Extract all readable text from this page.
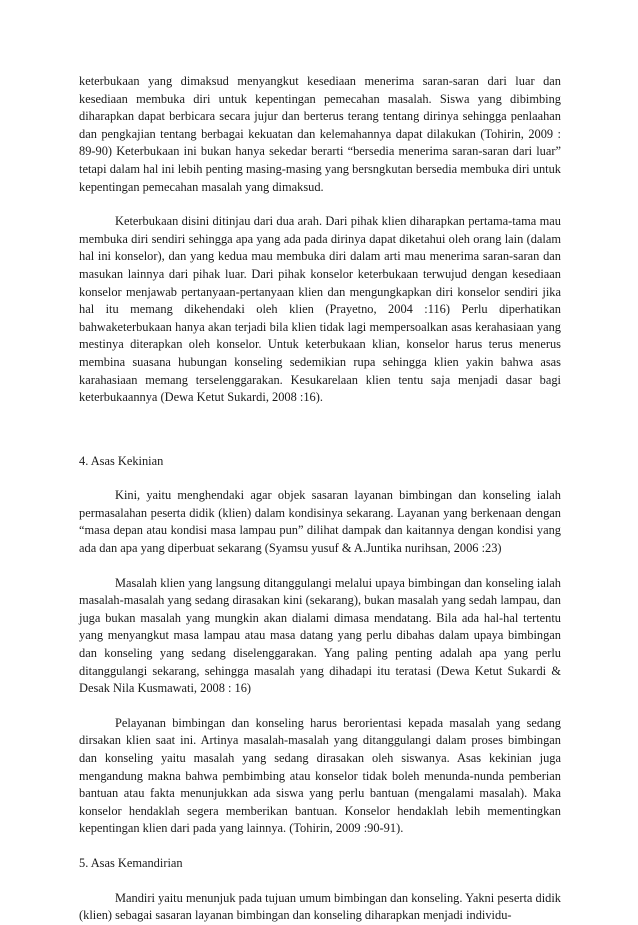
keterbukaan yang dimaksud menyangkut kesediaan menerima saran-saran dari luar dan kesediaan membuka diri untuk kepentingan pemecahan masalah. Siswa yang dibimbing diharapkan dapat berbicara secara jujur dan berterus terang tentang dirinya sehingga penlaahan dan pengkajian tentang berbagai kekuatan dan kelemahannya dapat dilakukan (Tohirin, 2009 : 89-90) Keterbukaan ini bukan hanya sekedar berarti “bersedia menerima saran-saran dari luar” tetapi dalam hal ini lebih penting masing-masing yang bersngkutan bersedia membuka diri untuk kepentingan pemecahan masalah yang dimaksud.

Keterbukaan disini ditinjau dari dua arah. Dari pihak klien diharapkan pertama-tama mau membuka diri sendiri sehingga apa yang ada pada dirinya dapat diketahui oleh orang lain (dalam hal ini konselor), dan yang kedua mau membuka diri dalam arti mau menerima saran-saran dan masukan lainnya dari pihak luar. Dari pihak konselor keterbukaan terwujud dengan kesediaan konselor menjawab pertanyaan-pertanyaan klien dan mengungkapkan diri konselor sendiri jika hal itu memang dikehendaki oleh klien (Prayetno, 2004 :116) Perlu diperhatikan bahwaketerbukaan hanya akan terjadi bila klien tidak lagi mempersoalkan asas kerahasiaan yang mestinya diterapkan oleh konselor. Untuk keterbukaan klian, konselor harus terus menerus membina suasana hubungan konseling sedemikian rupa sehingga klien yakin bahwa asas karahasiaan memang terselenggarakan. Kesukarelaan klien tentu saja menjadi dasar bagi keterbukaannya (Dewa Ketut Sukardi, 2008 :16).

4. Asas Kekinian

Kini, yaitu menghendaki agar objek sasaran layanan bimbingan dan konseling ialah permasalahan peserta didik (klien) dalam kondisinya sekarang. Layanan yang berkenaan dengan “masa depan atau kondisi masa lampau pun” dilihat dampak dan kaitannya dengan kondisi yang ada dan apa yang diperbuat sekarang (Syamsu yusuf & A.Juntika nurihsan, 2006 :23)

Masalah klien yang langsung ditanggulangi melalui upaya bimbingan dan konseling ialah masalah-masalah yang sedang dirasakan kini (sekarang), bukan masalah yang sedah lampau, dan juga bukan masalah yang mungkin akan dialami dimasa mendatang. Bila ada hal-hal tertentu yang menyangkut masa lampau atau masa datang yang perlu dibahas dalam upaya bimbingan dan konseling yang sedang diselenggarakan. Yang paling penting adalah apa yang perlu ditanggulangi sekarang, sehingga masalah yang dihadapi itu teratasi (Dewa Ketut Sukardi & Desak Nila Kusmawati, 2008 : 16)

Pelayanan bimbingan dan konseling harus berorientasi kepada masalah yang sedang dirsakan klien saat ini. Artinya masalah-masalah yang ditanggulangi dalam proses bimbingan dan konseling yaitu masalah yang sedang dirasakan oleh siswanya. Asas kekinian juga mengandung makna bahwa pembimbing atau konselor tidak boleh menunda-nunda pemberian bantuan atau fakta menunjukkan ada siswa yang perlu bantuan (mengalami masalah). Maka konselor hendaklah segera memberikan bantuan. Konselor hendaklah lebih mementingkan kepentingan klien dari pada yang lainnya. (Tohirin, 2009 :90-91).

5. Asas Kemandirian

Mandiri yaitu menunjuk pada tujuan umum bimbingan dan konseling. Yakni peserta didik (klien) sebagai sasaran layanan bimbingan dan konseling diharapkan menjadi individu-
